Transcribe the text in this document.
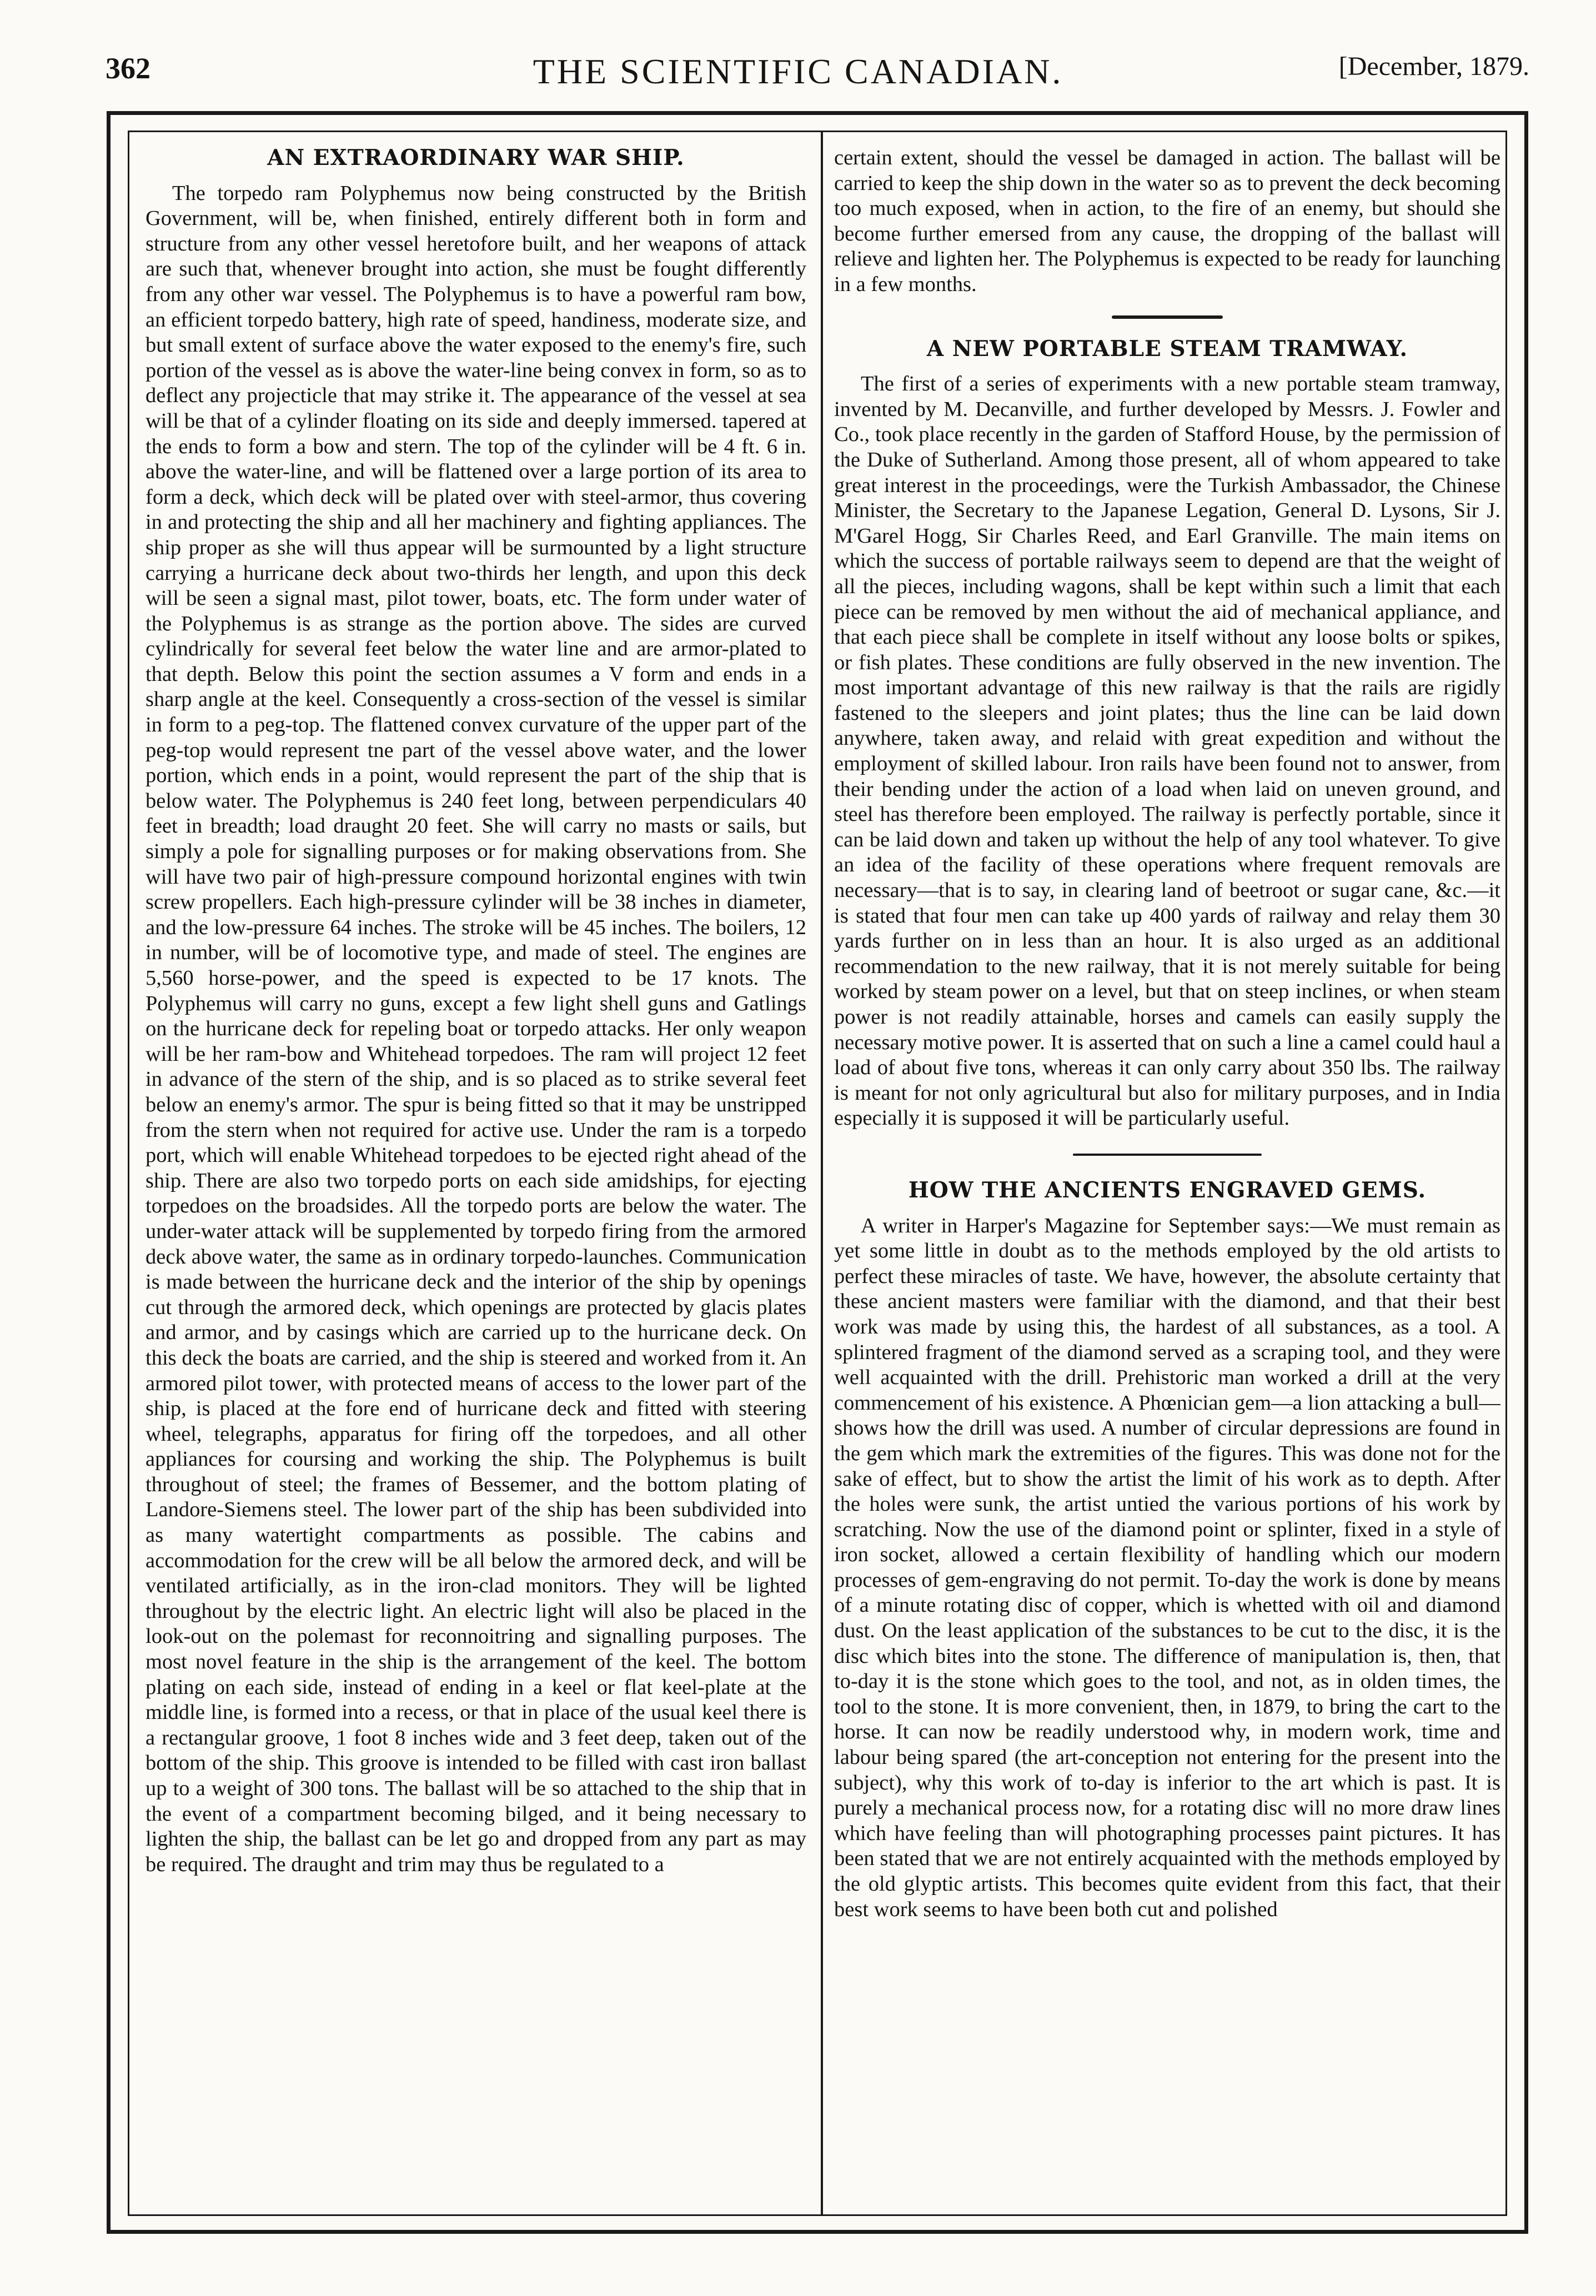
362	THE SCIENTIFIC CANADIAN.	[December, 1879.
AN EXTRAORDINARY WAR SHIP.

The torpedo ram Polyphemus now being constructed by the British Government, will be, when finished, entirely different both in form and structure from any other vessel heretofore built, and her weapons of attack are such that, whenever brought into action, she must be fought differently from any other war vessel. The Polyphemus is to have a powerful ram bow, an efficient torpedo battery, high rate of speed, handiness, moderate size, and but small extent of surface above the water exposed to the enemy's fire, such portion of the vessel as is above the water-line being convex in form, so as to deflect any projecticle that may strike it. The appearance of the vessel at sea will be that of a cylinder floating on its side and deeply immersed. tapered at the ends to form a bow and stern. The top of the cylinder will be 4 ft. 6 in. above the water-line, and will be flattened over a large portion of its area to form a deck, which deck will be plated over with steel-armor, thus covering in and protecting the ship and all her machinery and fighting appliances. The ship proper as she will thus appear will be surmounted by a light structure carrying a hurricane deck about two-thirds her length, and upon this deck will be seen a signal mast, pilot tower, boats, etc. The form under water of the Polyphemus is as strange as the portion above. The sides are curved cylindrically for several feet below the water line and are armor-plated to that depth. Below this point the section assumes a V form and ends in a sharp angle at the keel. Consequently a cross-section of the vessel is similar in form to a peg-top. The flattened convex curvature of the upper part of the peg-top would represent tne part of the vessel above water, and the lower portion, which ends in a point, would represent the part of the ship that is below water. The Polyphemus is 240 feet long, between perpendiculars 40 feet in breadth; load draught 20 feet. She will carry no masts or sails, but simply a pole for signalling purposes or for making observations from. She will have two pair of high-pressure compound horizontal engines with twin screw propellers. Each high-pressure cylinder will be 38 inches in diameter, and the low-pressure 64 inches. The stroke will be 45 inches. The boilers, 12 in number, will be of locomotive type, and made of steel. The engines are 5,560 horse-power, and the speed is expected to be 17 knots. The Polyphemus will carry no guns, except a few light shell guns and Gatlings on the hurricane deck for repeling boat or torpedo attacks. Her only weapon will be her ram-bow and Whitehead torpedoes. The ram will project 12 feet in advance of the stern of the ship, and is so placed as to strike several feet below an enemy's armor. The spur is being fitted so that it may be unstripped from the stern when not required for active use. Under the ram is a torpedo port, which will enable Whitehead torpedoes to be ejected right ahead of the ship. There are also two torpedo ports on each side amidships, for ejecting torpedoes on the broadsides. All the torpedo ports are below the water. The under-water attack will be supplemented by torpedo firing from the armored deck above water, the same as in ordinary torpedo-launches. Communication is made between the hurricane deck and the interior of the ship by openings cut through the armored deck, which openings are protected by glacis plates and armor, and by casings which are carried up to the hurricane deck. On this deck the boats are carried, and the ship is steered and worked from it. An armored pilot tower, with protected means of access to the lower part of the ship, is placed at the fore end of hurricane deck and fitted with steering wheel, telegraphs, apparatus for firing off the torpedoes, and all other appliances for coursing and working the ship. The Polyphemus is built throughout of steel; the frames of Bessemer, and the bottom plating of Landore-Siemens steel. The lower part of the ship has been subdivided into as many watertight compartments as possible. The cabins and accommodation for the crew will be all below the armored deck, and will be ventilated artificially, as in the iron-clad monitors. They will be lighted throughout by the electric light. An electric light will also be placed in the look-out on the polemast for reconnoitring and signalling purposes. The most novel feature in the ship is the arrangement of the keel. The bottom plating on each side, instead of ending in a keel or flat keel-plate at the middle line, is formed into a recess, or that in place of the usual keel there is a rectangular groove, 1 foot 8 inches wide and 3 feet deep, taken out of the bottom of the ship. This groove is intended to be filled with cast iron ballast up to a weight of 300 tons. The ballast will be so attached to the ship that in the event of a compartment becoming bilged, and it being necessary to lighten the ship, the ballast can be let go and dropped from any part as may be required. The draught and trim may thus be regulated to a

certain extent, should the vessel be damaged in action. The ballast will be carried to keep the ship down in the water so as to prevent the deck becoming too much exposed, when in action, to the fire of an enemy, but should she become further emersed from any cause, the dropping of the ballast will relieve and lighten her. The Polyphemus is expected to be ready for launching in a few months.

A NEW PORTABLE STEAM TRAMWAY.

The first of a series of experiments with a new portable steam tramway, invented by M. Decanville, and further developed by Messrs. J. Fowler and Co., took place recently in the garden of Stafford House, by the permission of the Duke of Sutherland. Among those present, all of whom appeared to take great interest in the proceedings, were the Turkish Ambassador, the Chinese Minister, the Secretary to the Japanese Legation, General D. Lysons, Sir J. M'Garel Hogg, Sir Charles Reed, and Earl Granville. The main items on which the success of portable railways seem to depend are that the weight of all the pieces, including wagons, shall be kept within such a limit that each piece can be removed by men without the aid of mechanical appliance, and that each piece shall be complete in itself without any loose bolts or spikes, or fish plates. These conditions are fully observed in the new invention. The most important advantage of this new railway is that the rails are rigidly fastened to the sleepers and joint plates; thus the line can be laid down anywhere, taken away, and relaid with great expedition and without the employment of skilled labour. Iron rails have been found not to answer, from their bending under the action of a load when laid on uneven ground, and steel has therefore been employed. The railway is perfectly portable, since it can be laid down and taken up without the help of any tool whatever. To give an idea of the facility of these operations where frequent removals are necessary—that is to say, in clearing land of beetroot or sugar cane, &c.—it is stated that four men can take up 400 yards of railway and relay them 30 yards further on in less than an hour. It is also urged as an additional recommendation to the new railway, that it is not merely suitable for being worked by steam power on a level, but that on steep inclines, or when steam power is not readily attainable, horses and camels can easily supply the necessary motive power. It is asserted that on such a line a camel could haul a load of about five tons, whereas it can only carry about 350 lbs. The railway is meant for not only agricultural but also for military purposes, and in India especially it is supposed it will be particularly useful.

HOW THE ANCIENTS ENGRAVED GEMS.

A writer in Harper's Magazine for September says:—We must remain as yet some little in doubt as to the methods employed by the old artists to perfect these miracles of taste. We have, however, the absolute certainty that these ancient masters were familiar with the diamond, and that their best work was made by using this, the hardest of all substances, as a tool. A splintered fragment of the diamond served as a scraping tool, and they were well acquainted with the drill. Prehistoric man worked a drill at the very commencement of his existence. A Phœnician gem—a lion attacking a bull—shows how the drill was used. A number of circular depressions are found in the gem which mark the extremities of the figures. This was done not for the sake of effect, but to show the artist the limit of his work as to depth. After the holes were sunk, the artist untied the various portions of his work by scratching. Now the use of the diamond point or splinter, fixed in a style of iron socket, allowed a certain flexibility of handling which our modern processes of gem-engraving do not permit. To-day the work is done by means of a minute rotating disc of copper, which is whetted with oil and diamond dust. On the least application of the substances to be cut to the disc, it is the disc which bites into the stone. The difference of manipulation is, then, that to-day it is the stone which goes to the tool, and not, as in olden times, the tool to the stone. It is more convenient, then, in 1879, to bring the cart to the horse. It can now be readily understood why, in modern work, time and labour being spared (the art-conception not entering for the present into the subject), why this work of to-day is inferior to the art which is past. It is purely a mechanical process now, for a rotating disc will no more draw lines which have feeling than will photographing processes paint pictures. It has been stated that we are not entirely acquainted with the methods employed by the old glyptic artists. This becomes quite evident from this fact, that their best work seems to have been both cut and polished
